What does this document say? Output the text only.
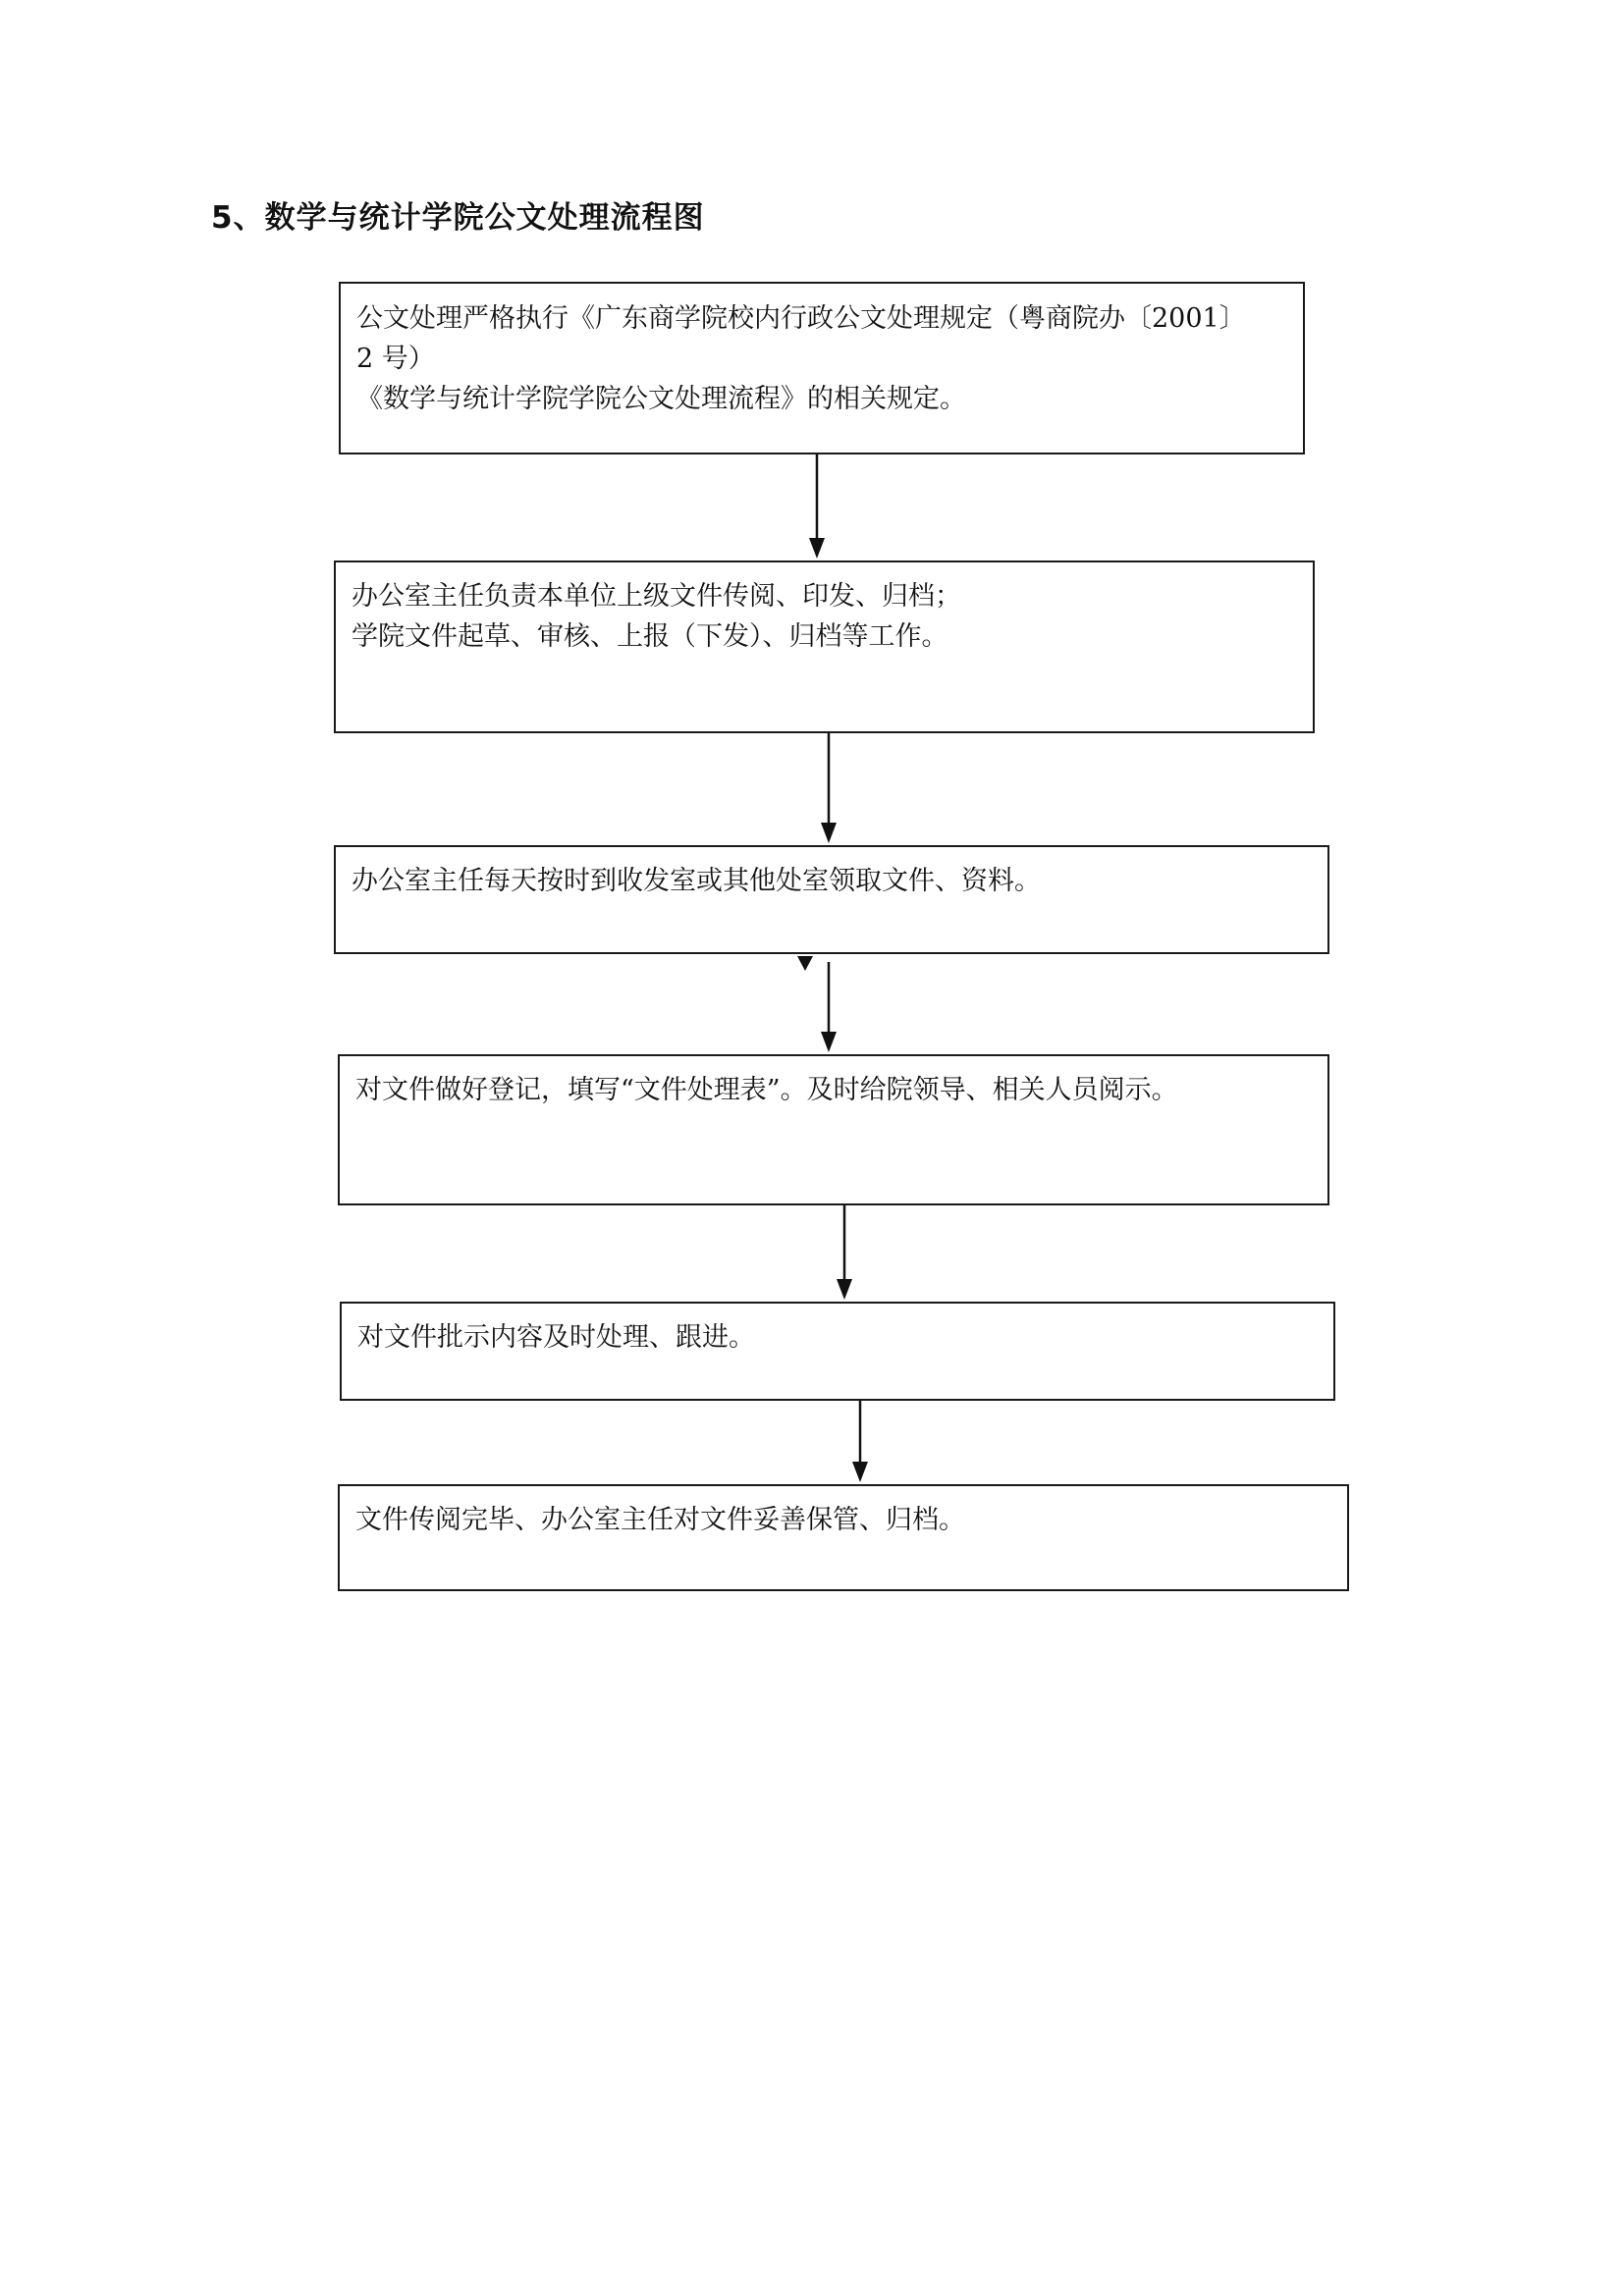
5、数学与统计学院公文处理流程图
公文处理严格执行《广东商学院校内行政公文处理规定（粤商院办〔2001〕
2 号）
《数学与统计学院学院公文处理流程》的相关规定。
办公室主任负责本单位上级文件传阅、印发、归档；
学院文件起草、审核、上报（下发）、归档等工作。
办公室主任每天按时到收发室或其他处室领取文件、资料。
对文件做好登记，填写“文件处理表”。及时给院领导、相关人员阅示。
对文件批示内容及时处理、跟进。
文件传阅完毕、办公室主任对文件妥善保管、归档。
